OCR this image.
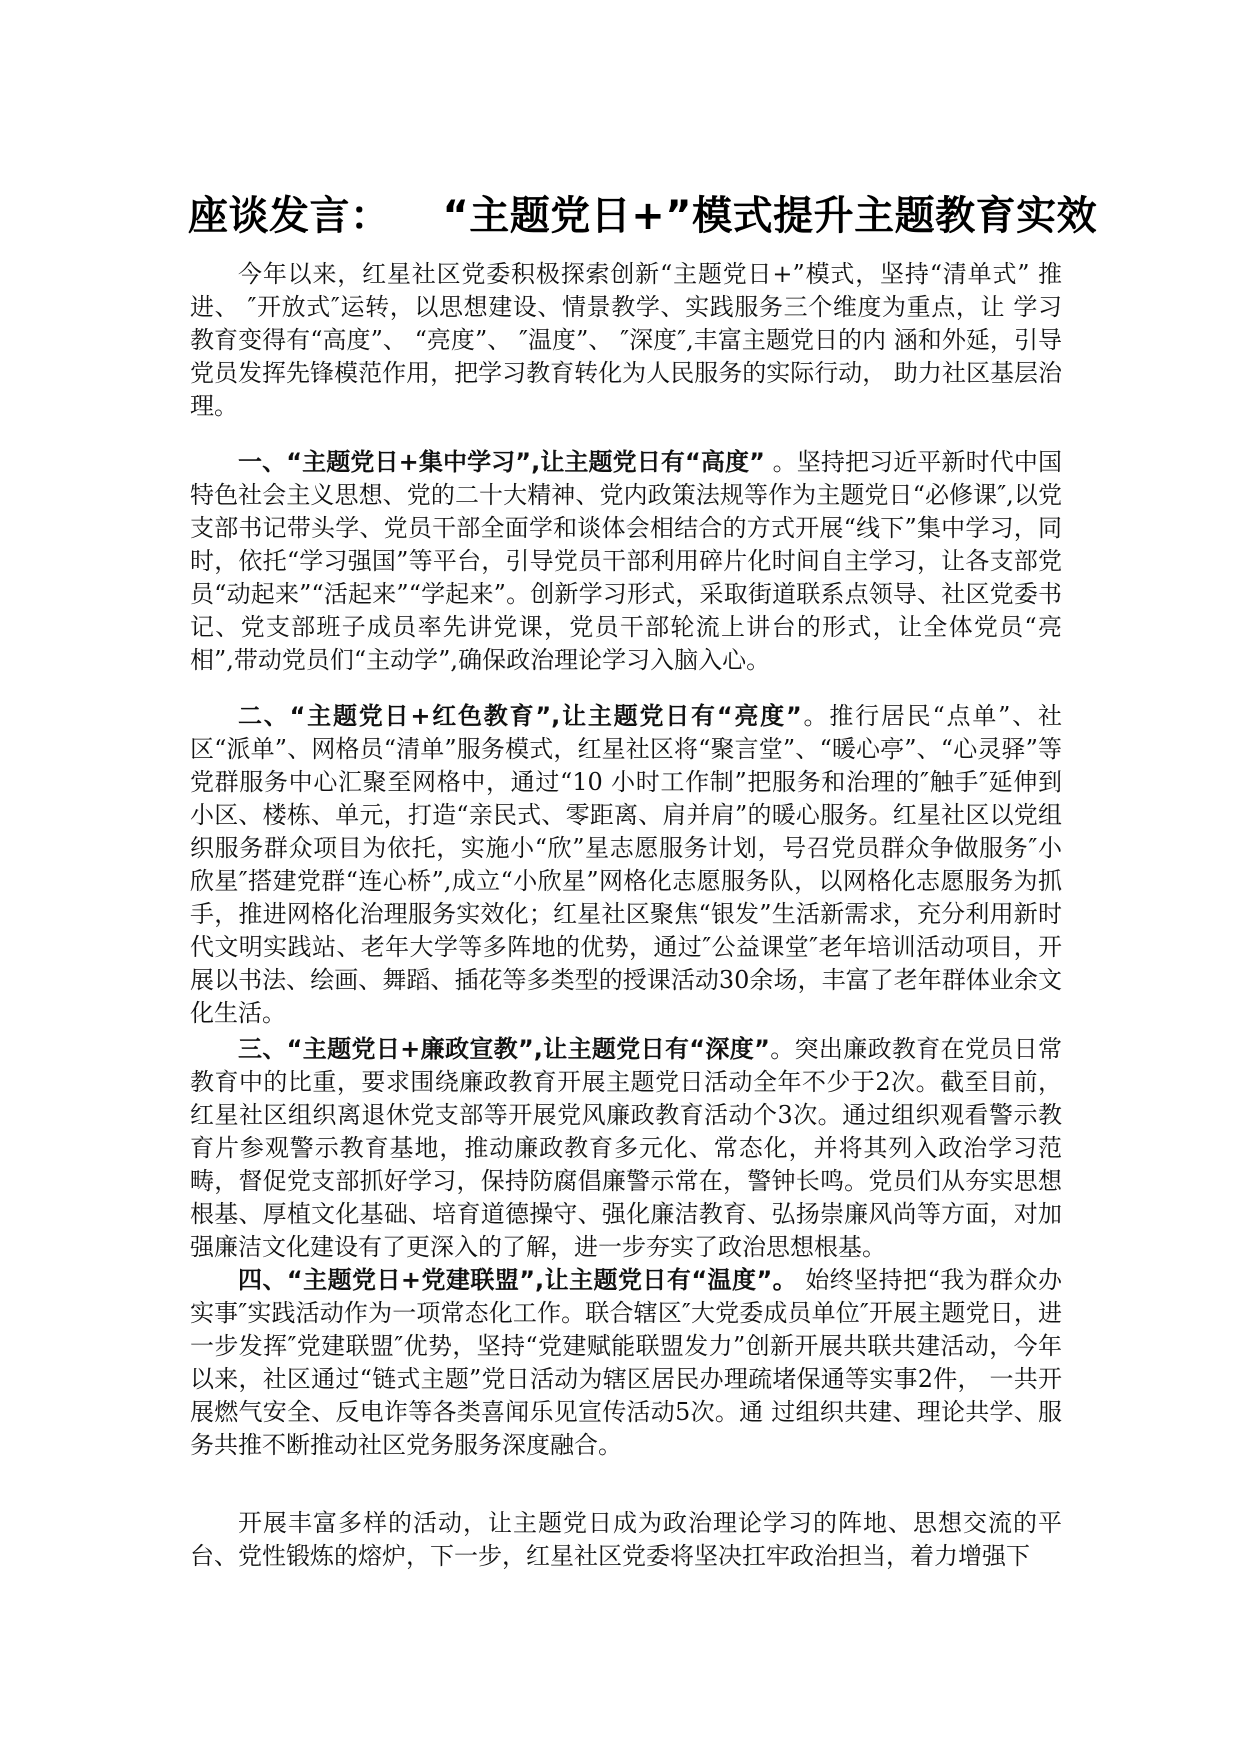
座谈发言： “主题党日+”模式提升主题教育实效

今年以来，红星社区党委积极探索创新“主题党日+”模式，坚持“清单式” 推进、 ″开放式″运转，以思想建设、情景教学、实践服务三个维度为重点，让 学习教育变得有“高度”、 “亮度”、 ″温度”、 ″深度″,丰富主题党日的内 涵和外延，引导党员发挥先锋模范作用，把学习教育转化为人民服务的实际行动， 助力社区基层治理。

一、“主题党日+集中学习”,让主题党日有“高度” 。坚持把习近平新时代中国特色社会主义思想、党的二十大精神、党内政策法规等作为主题党日“必修课″,以党支部书记带头学、党员干部全面学和谈体会相结合的方式开展“线下”集中学习，同时，依托“学习强国”等平台，引导党员干部利用碎片化时间自主学习，让各支部党员“动起来”“活起来”“学起来”。创新学习形式，采取街道联系点领导、社区党委书记、党支部班子成员率先讲党课，党员干部轮流上讲台的形式，让全体党员“亮相”,带动党员们“主动学”,确保政治理论学习入脑入心。

二、“主题党日+红色教育”,让主题党日有“亮度”。推行居民“点单”、社区“派单”、网格员“清单”服务模式，红星社区将“聚言堂”、“暖心亭”、“心灵驿”等党群服务中心汇聚至网格中，通过“10 小时工作制”把服务和治理的″触手″延伸到小区、楼栋、单元，打造“亲民式、零距离、肩并肩”的暖心服务。红星社区以党组织服务群众项目为依托，实施小“欣”星志愿服务计划，号召党员群众争做服务″小欣星″搭建党群“连心桥”,成立“小欣星”网格化志愿服务队，以网格化志愿服务为抓手，推进网格化治理服务实效化；红星社区聚焦“银发”生活新需求，充分利用新时代文明实践站、老年大学等多阵地的优势，通过″公益课堂″老年培训活动项目，开展以书法、绘画、舞蹈、插花等多类型的授课活动30余场，丰富了老年群体业余文化生活。

三、“主题党日+廉政宣教”,让主题党日有“深度”。突出廉政教育在党员日常教育中的比重，要求围绕廉政教育开展主题党日活动全年不少于2次。截至目前，红星社区组织离退休党支部等开展党风廉政教育活动个3次。通过组织观看警示教育片参观警示教育基地，推动廉政教育多元化、常态化，并将其列入政治学习范畴，督促党支部抓好学习，保持防腐倡廉警示常在，警钟长鸣。党员们从夯实思想根基、厚植文化基础、培育道德操守、强化廉洁教育、弘扬崇廉风尚等方面，对加强廉洁文化建设有了更深入的了解，进一步夯实了政治思想根基。

四、“主题党日+党建联盟”,让主题党日有“温度”。 始终坚持把“我为群众办实事″实践活动作为一项常态化工作。联合辖区″大党委成员单位″开展主题党日，进一步发挥″党建联盟″优势，坚持“党建赋能联盟发力”创新开展共联共建活动，今年以来，社区通过“链式主题”党日活动为辖区居民办理疏堵保通等实事2件， 一共开展燃气安全、反电诈等各类喜闻乐见宣传活动5次。通 过组织共建、理论共学、服务共推不断推动社区党务服务深度融合。

开展丰富多样的活动，让主题党日成为政治理论学习的阵地、思想交流的平 台、党性锻炼的熔炉，下一步，红星社区党委将坚决扛牢政治担当，着力增强下
